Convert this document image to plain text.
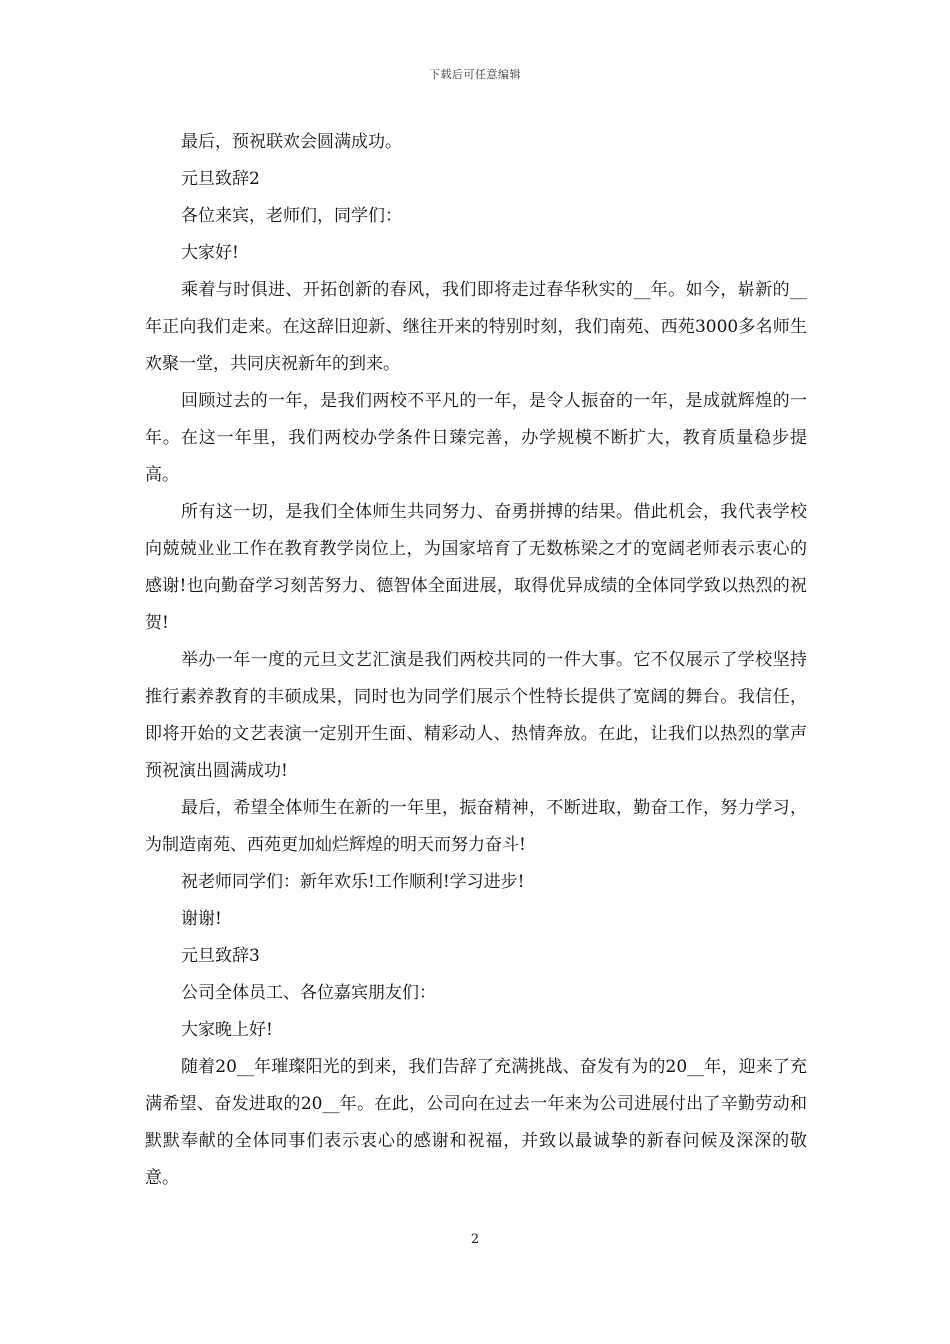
下载后可任意编辑

最后，预祝联欢会圆满成功。

元旦致辞2

各位来宾，老师们，同学们：

大家好!

乘着与时俱进、开拓创新的春风，我们即将走过春华秋实的__年。如今，崭新的__年正向我们走来。在这辞旧迎新、继往开来的特别时刻，我们南苑、西苑3000多名师生欢聚一堂，共同庆祝新年的到来。

回顾过去的一年，是我们两校不平凡的一年，是令人振奋的一年，是成就辉煌的一年。在这一年里，我们两校办学条件日臻完善，办学规模不断扩大，教育质量稳步提高。

所有这一切，是我们全体师生共同努力、奋勇拼搏的结果。借此机会，我代表学校向兢兢业业工作在教育教学岗位上，为国家培育了无数栋梁之才的宽阔老师表示衷心的感谢!也向勤奋学习刻苦努力、德智体全面进展，取得优异成绩的全体同学致以热烈的祝贺!

举办一年一度的元旦文艺汇演是我们两校共同的一件大事。它不仅展示了学校坚持推行素养教育的丰硕成果，同时也为同学们展示个性特长提供了宽阔的舞台。我信任，即将开始的文艺表演一定别开生面、精彩动人、热情奔放。在此，让我们以热烈的掌声预祝演出圆满成功!

最后，希望全体师生在新的一年里，振奋精神，不断进取，勤奋工作，努力学习，为制造南苑、西苑更加灿烂辉煌的明天而努力奋斗!

祝老师同学们：新年欢乐!工作顺利!学习进步!

谢谢!

元旦致辞3

公司全体员工、各位嘉宾朋友们：

大家晚上好!

随着20__年璀璨阳光的到来，我们告辞了充满挑战、奋发有为的20__年，迎来了充满希望、奋发进取的20__年。在此，公司向在过去一年来为公司进展付出了辛勤劳动和默默奉献的全体同事们表示衷心的感谢和祝福，并致以最诚挚的新春问候及深深的敬意。

2
